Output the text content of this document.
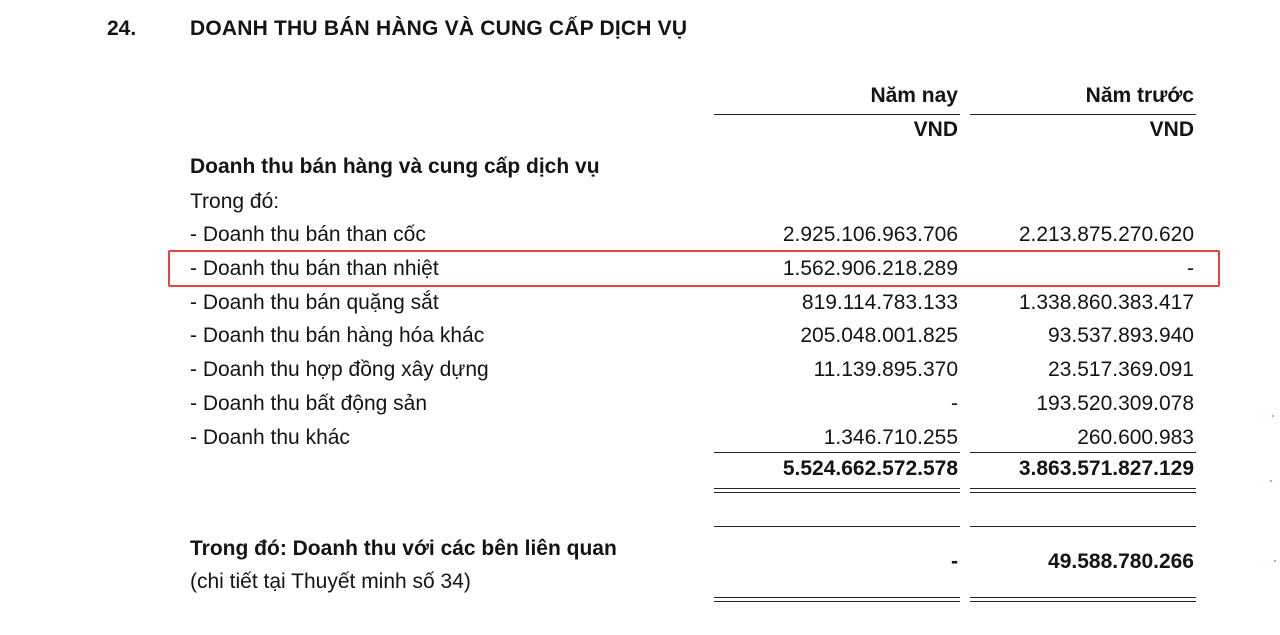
24.	DOANH THU BÁN HÀNG VÀ CUNG CẤP DỊCH VỤ
Năm nay	Năm trước
VND	VND
Doanh thu bán hàng và cung cấp dịch vụ
Trong đó:
- Doanh thu bán than cốc	2.925.106.963.706	2.213.875.270.620
- Doanh thu bán than nhiệt	1.562.906.218.289	-
- Doanh thu bán quặng sắt	819.114.783.133	1.338.860.383.417
- Doanh thu bán hàng hóa khác	205.048.001.825	93.537.893.940
- Doanh thu hợp đồng xây dựng	11.139.895.370	23.517.369.091
- Doanh thu bất động sản	-	193.520.309.078
- Doanh thu khác	1.346.710.255	260.600.983
5.524.662.572.578	3.863.571.827.129
Trong đó: Doanh thu với các bên liên quan
(chi tiết tại Thuyết minh số 34)
-	49.588.780.266
